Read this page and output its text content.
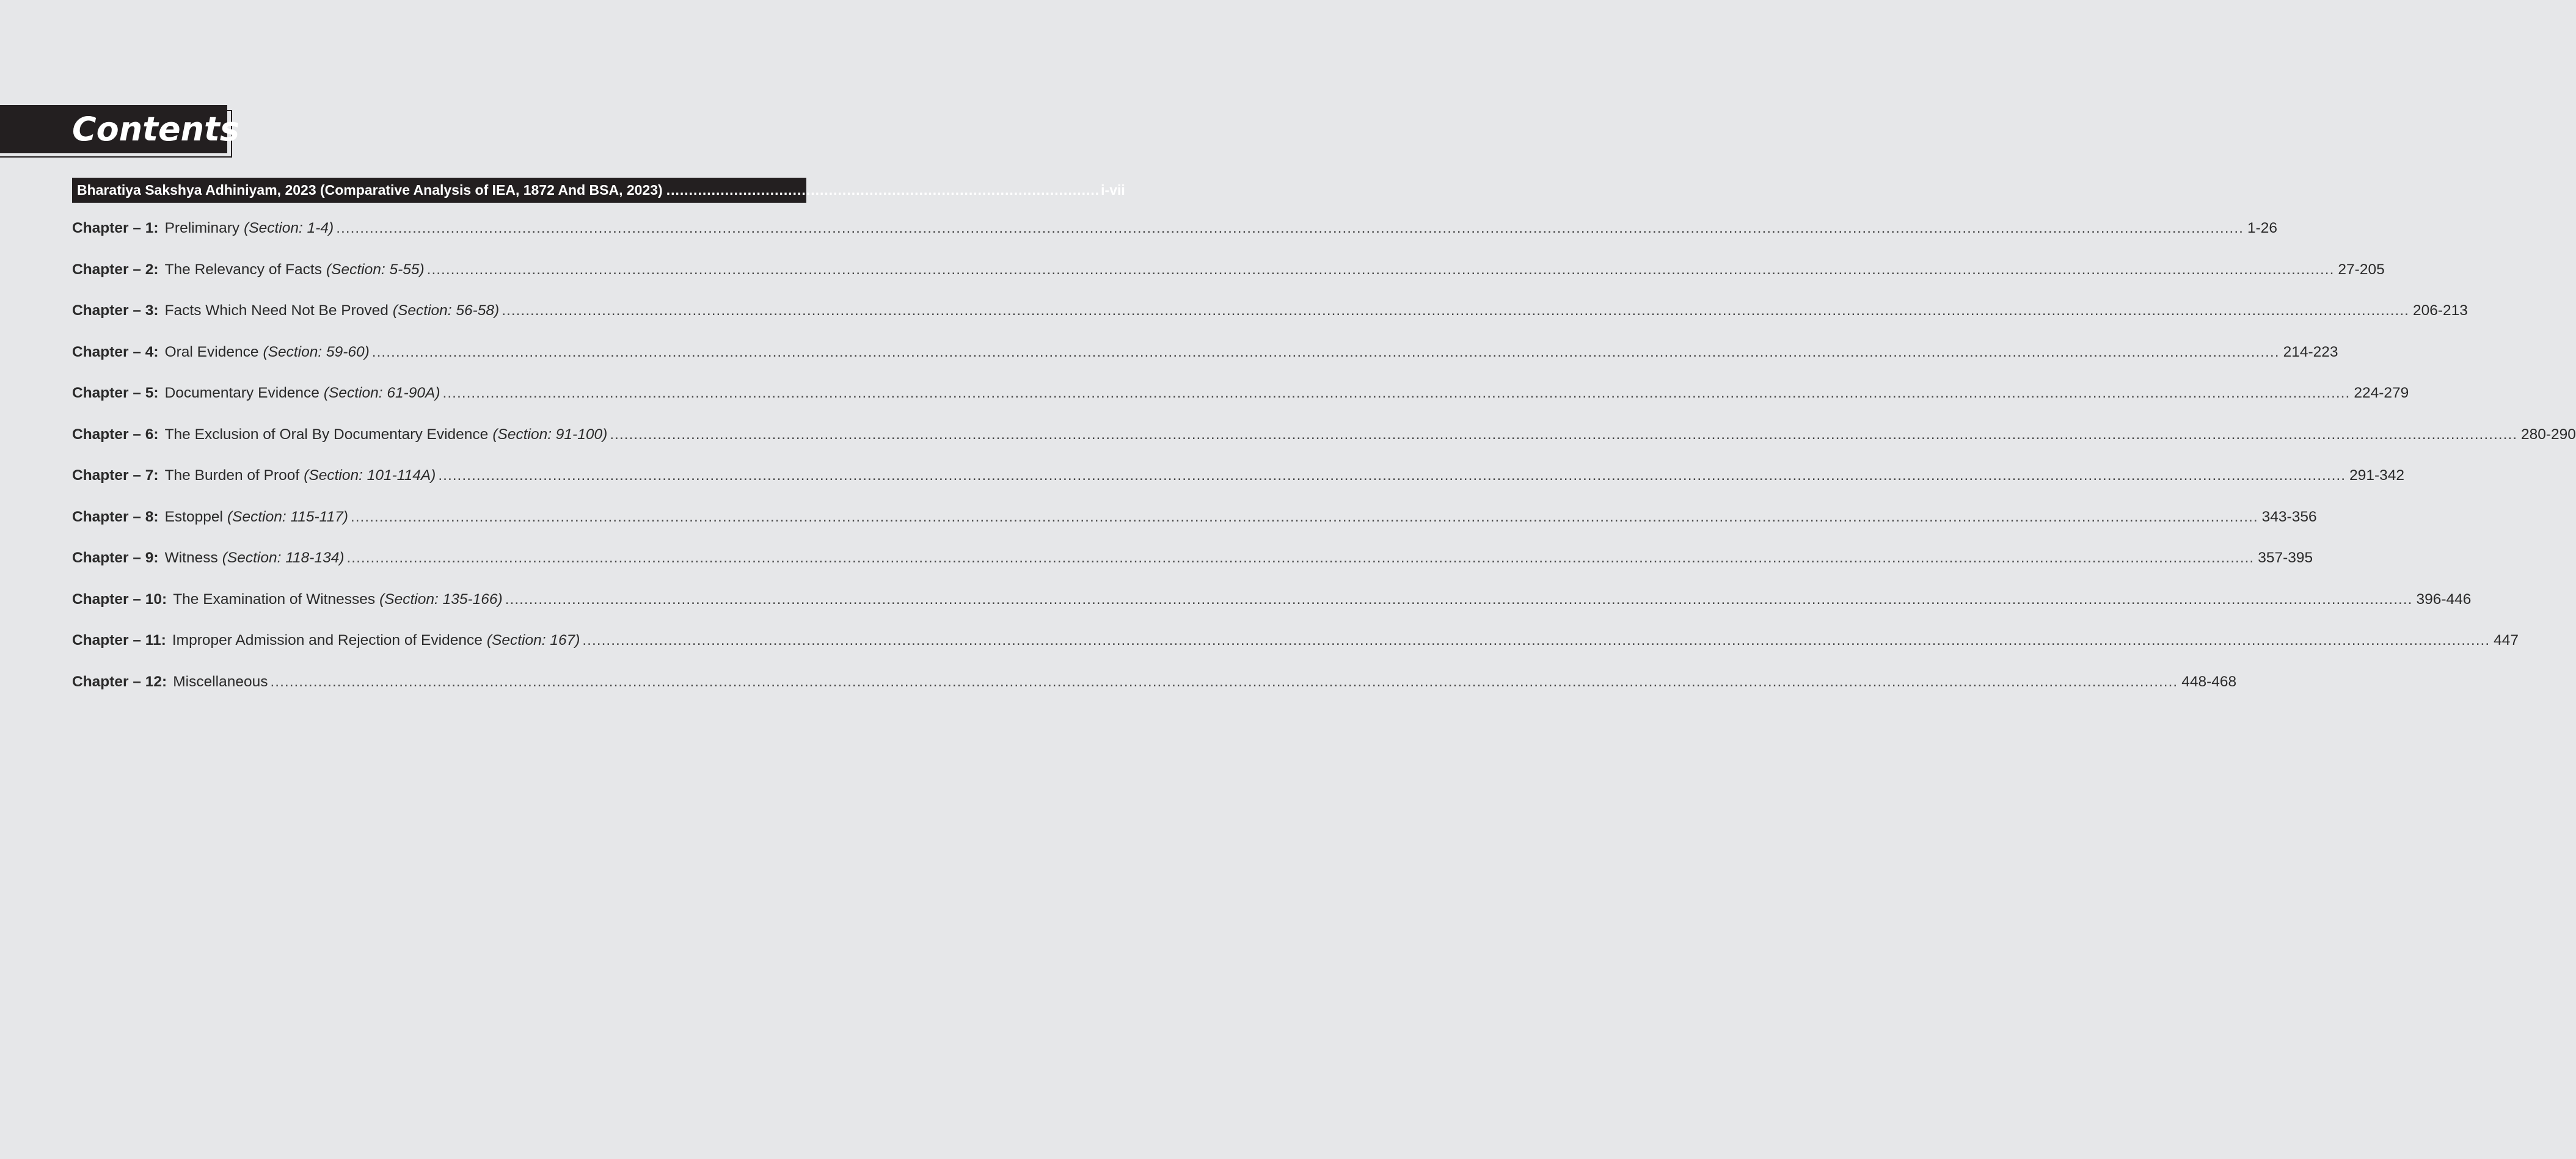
Contents
Bharatiya Sakshya Adhiniyam, 2023 (Comparative Analysis of IEA, 1872 And BSA, 2023) ................................................................................................ i-vii
Chapter – 1: Preliminary (Section: 1-4) ................................................................................................................................................................................................................................................................................................................................................................................................................ 1-26
Chapter – 2: The Relevancy of Facts (Section: 5-55) ................................................................................................................................................................................................................................................................................................................................................................................................................ 27-205
Chapter – 3: Facts Which Need Not Be Proved (Section: 56-58) ................................................................................................................................................................................................................................................................................................................................................................................................................ 206-213
Chapter – 4: Oral Evidence (Section: 59-60) ................................................................................................................................................................................................................................................................................................................................................................................................................ 214-223
Chapter – 5: Documentary Evidence (Section: 61-90A) ................................................................................................................................................................................................................................................................................................................................................................................................................ 224-279
Chapter – 6: The Exclusion of Oral By Documentary Evidence (Section: 91-100) ................................................................................................................................................................................................................................................................................................................................................................................................................ 280-290
Chapter – 7: The Burden of Proof (Section: 101-114A) ................................................................................................................................................................................................................................................................................................................................................................................................................ 291-342
Chapter – 8: Estoppel (Section: 115-117) ................................................................................................................................................................................................................................................................................................................................................................................................................ 343-356
Chapter – 9: Witness (Section: 118-134) ................................................................................................................................................................................................................................................................................................................................................................................................................ 357-395
Chapter – 10: The Examination of Witnesses (Section: 135-166) ................................................................................................................................................................................................................................................................................................................................................................................................................ 396-446
Chapter – 11: Improper Admission and Rejection of Evidence (Section: 167) ................................................................................................................................................................................................................................................................................................................................................................................................................ 447
Chapter – 12: Miscellaneous ................................................................................................................................................................................................................................................................................................................................................................................................................ 448-468
